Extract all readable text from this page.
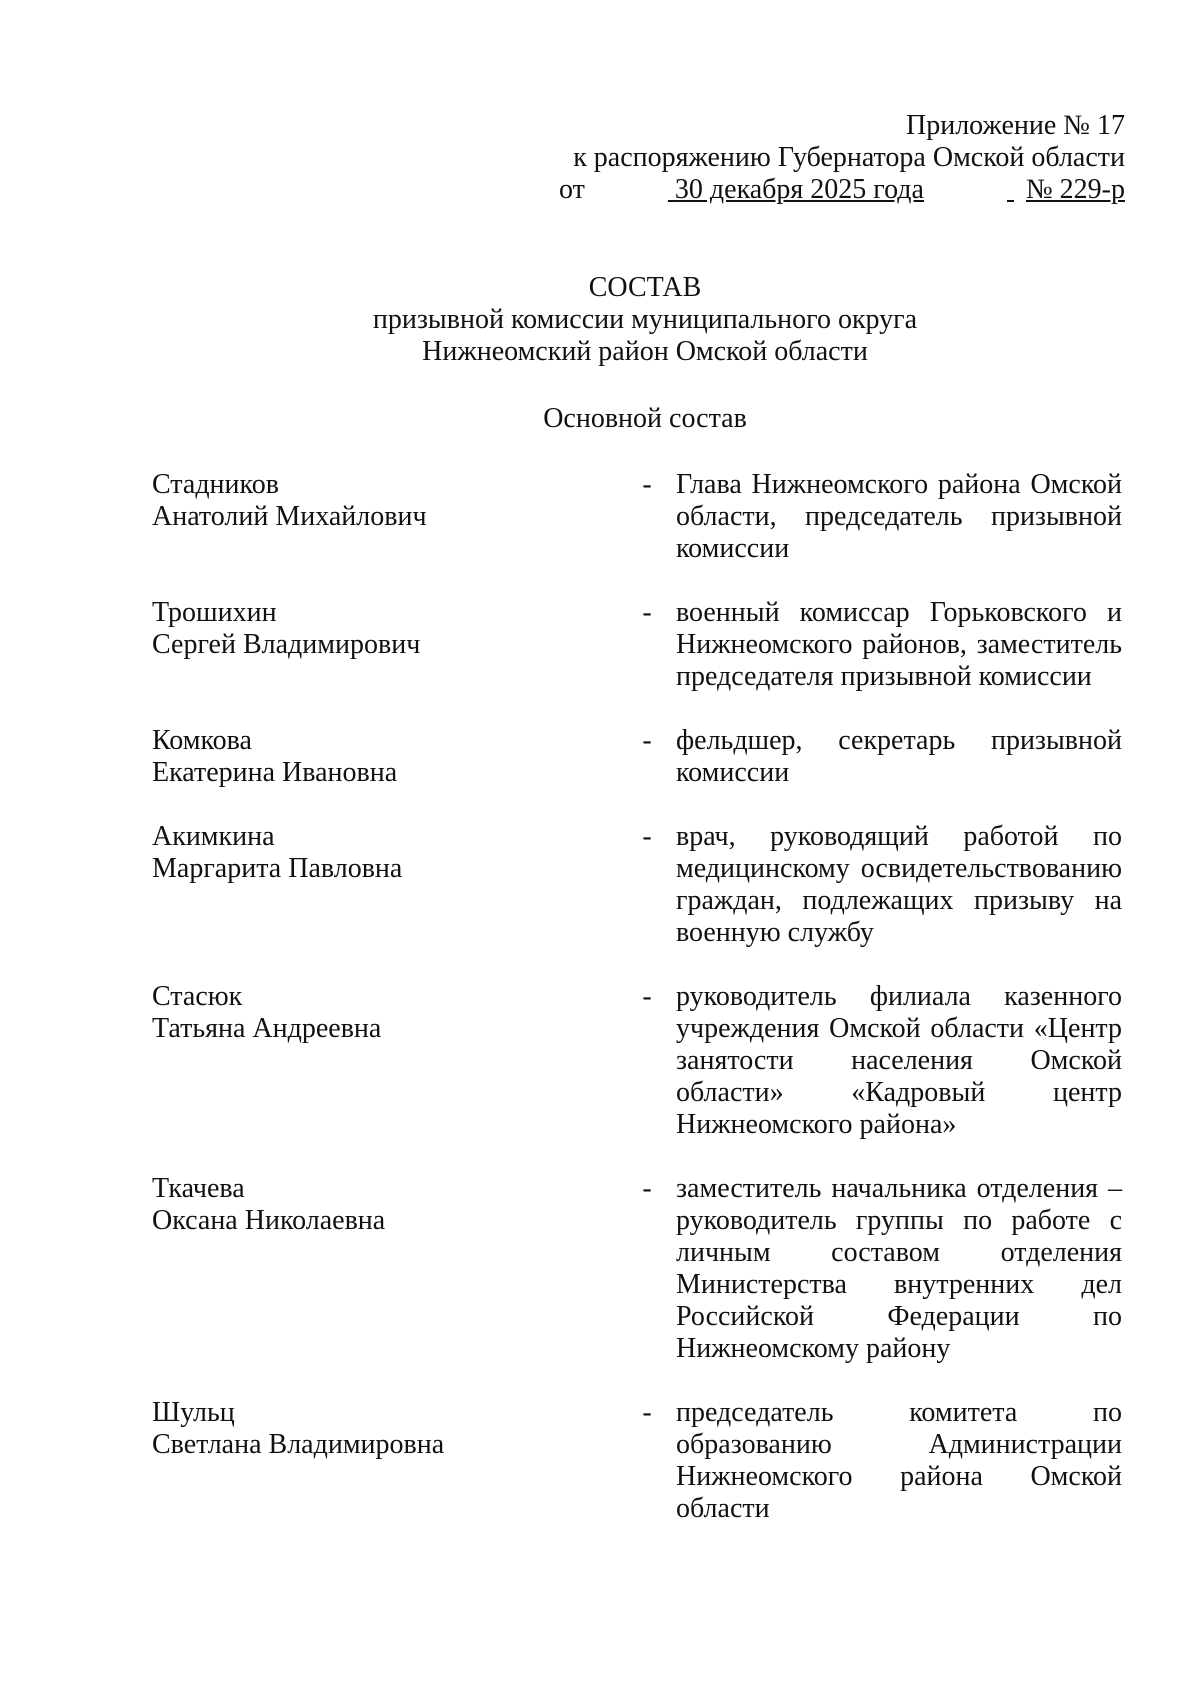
Приложение № 17
к распоряжению Губернатора Омской области
от	30 декабря 2025 года	№ 229-р
СОСТАВ
призывной комиссии муниципального округа
Нижнеомский район Омской области
Основной состав
Стадников
Анатолий Михайлович
- Глава Нижнеомского района Омской области, председатель призывной комиссии
Трошихин
Сергей Владимирович
- военный комиссар Горьковского и Нижнеомского районов, заместитель председателя призывной комиссии
Комкова
Екатерина Ивановна
- фельдшер, секретарь призывной комиссии
Акимкина
Маргарита Павловна
- врач, руководящий работой по медицинскому освидетельствованию граждан, подлежащих призыву на военную службу
Стасюк
Татьяна Андреевна
- руководитель филиала казенного учреждения Омской области «Центр занятости населения Омской области» «Кадровый центр Нижнеомского района»
Ткачева
Оксана Николаевна
- заместитель начальника отделения – руководитель группы по работе с личным составом отделения Министерства внутренних дел Российской Федерации по Нижнеомскому району
Шульц
Светлана Владимировна
- председатель комитета по образованию Администрации Нижнеомского района Омской области
